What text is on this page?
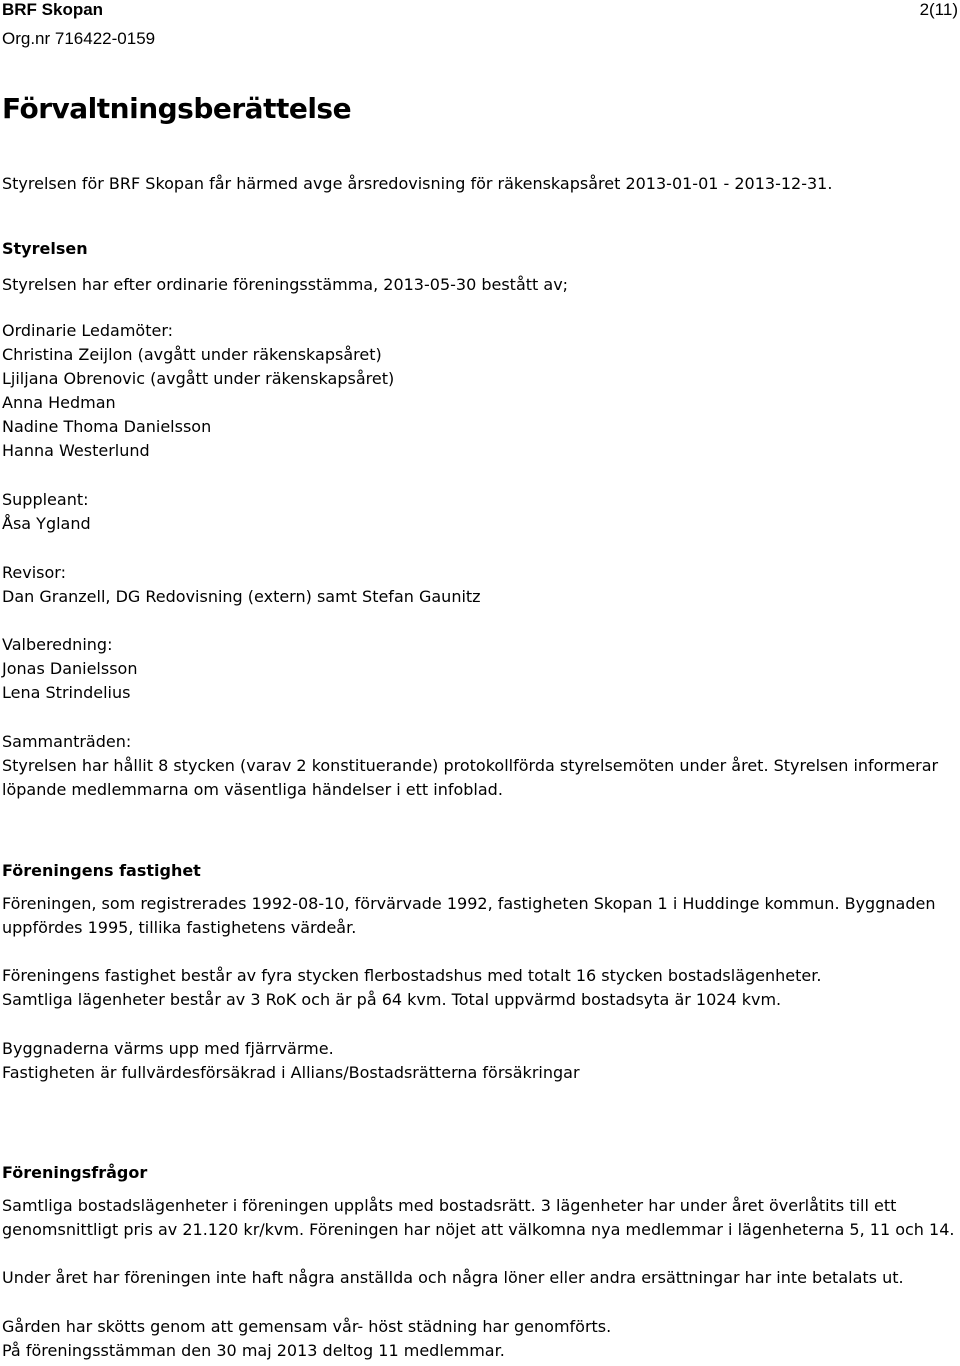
BRF Skopan
Org.nr 716422-0159
2(11)
Förvaltningsberättelse
Styrelsen för BRF Skopan får härmed avge årsredovisning för räkenskapsåret 2013-01-01 - 2013-12-31.
Styrelsen
Styrelsen har efter ordinarie föreningsstämma, 2013-05-30 bestått av;
Ordinarie Ledamöter:
Christina Zeijlon (avgått under räkenskapsåret)
Ljiljana Obrenovic (avgått under räkenskapsåret)
Anna Hedman
Nadine Thoma Danielsson
Hanna Westerlund
Suppleant:
Åsa Ygland
Revisor:
Dan Granzell, DG Redovisning (extern) samt Stefan Gaunitz
Valberedning:
Jonas Danielsson
Lena Strindelius
Sammanträden:
Styrelsen har hållit 8 stycken (varav 2 konstituerande) protokollförda styrelsemöten under året. Styrelsen informerar
löpande medlemmarna om väsentliga händelser i ett infoblad.
Föreningens fastighet
Föreningen, som registrerades 1992-08-10, förvärvade 1992, fastigheten Skopan 1 i Huddinge kommun. Byggnaden
uppfördes 1995, tillika fastighetens värdeår.
Föreningens fastighet består av fyra stycken flerbostadshus med totalt 16 stycken bostadslägenheter.
Samtliga lägenheter består av 3 RoK och är på 64 kvm. Total uppvärmd bostadsyta är 1024 kvm.
Byggnaderna värms upp med fjärrvärme.
Fastigheten är fullvärdesförsäkrad i Allians/Bostadsrätterna försäkringar
Föreningsfrågor
Samtliga bostadslägenheter i föreningen upplåts med bostadsrätt. 3 lägenheter har under året överlåtits till ett
genomsnittligt pris av 21.120 kr/kvm. Föreningen har nöjet att välkomna nya medlemmar i lägenheterna 5, 11 och 14.
Under året har föreningen inte haft några anställda och några löner eller andra ersättningar har inte betalats ut.
Gården har skötts genom att gemensam vår- höst städning har genomförts.
På föreningsstämman den 30 maj 2013 deltog 11 medlemmar.
